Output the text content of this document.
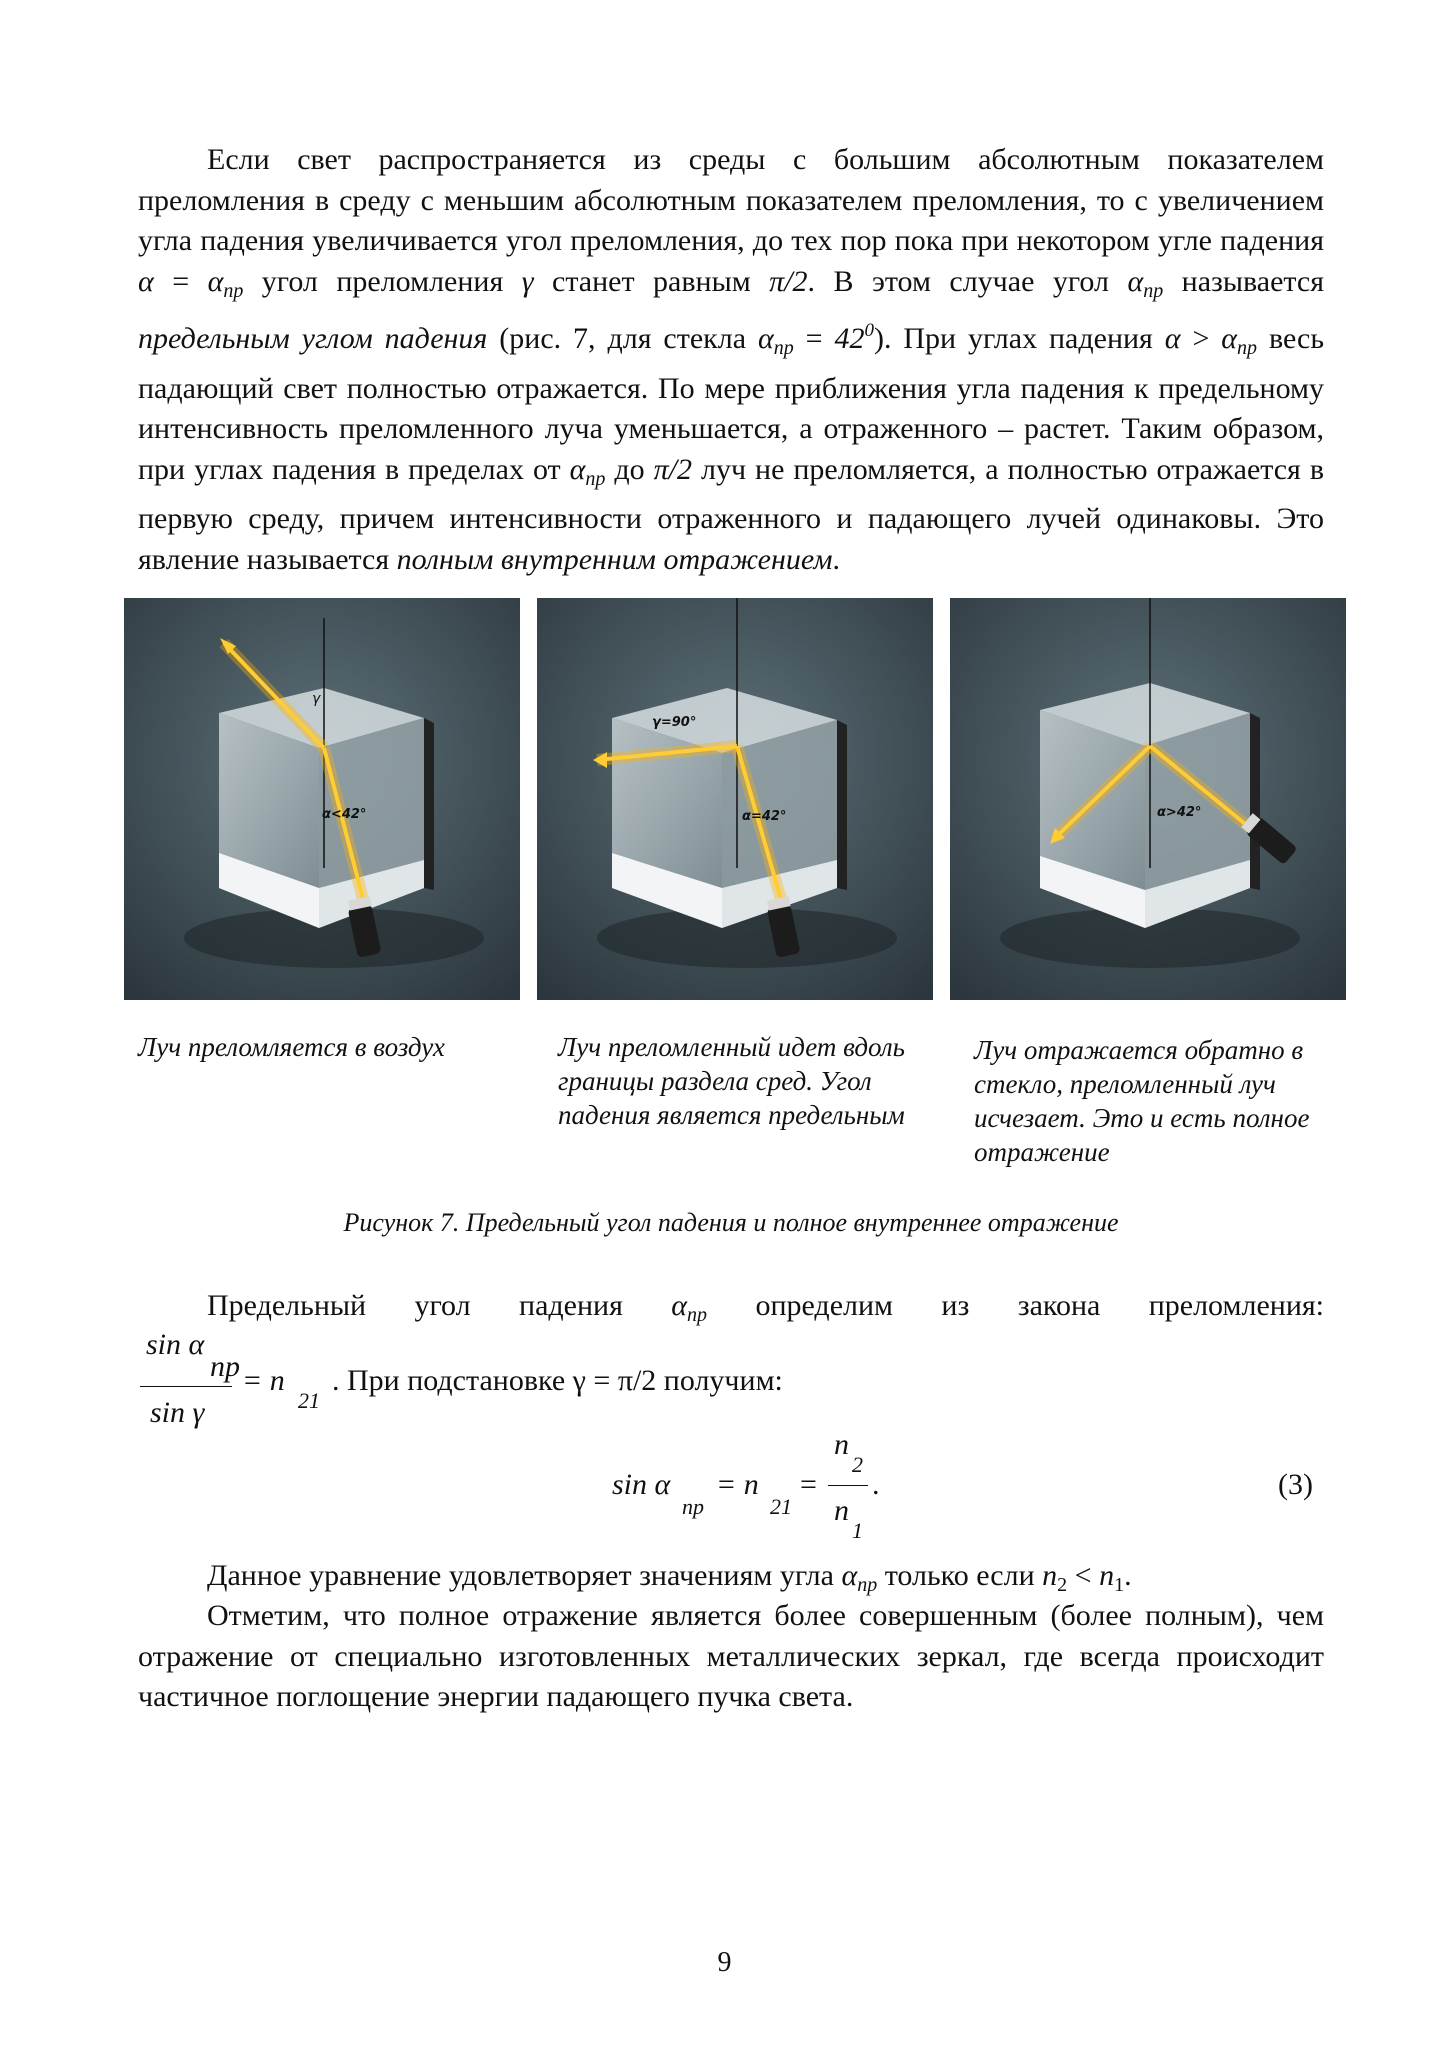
Если свет распространяется из среды с большим абсолютным показателем преломления в среду с меньшим абсолютным показателем преломления, то с увеличением угла падения увеличивается угол преломления, до тех пор пока при некотором угле падения $\alpha = \alpha_{пр}$ угол преломления γ станет равным π/2. В этом случае угол $\alpha_{пр}$ называется предельным углом падения (рис. 7, для стекла $\alpha_{пр} = 42^0$). При углах падения $\alpha > \alpha_{пр}$ весь падающий свет полностью отражается. По мере приближения угла падения к предельному интенсивность преломленного луча уменьшается, а отраженного – растет. Таким образом, при углах падения в пределах от $\alpha_{пр}$ до π/2 луч не преломляется, а полностью отражается в первую среду, причем интенсивности отраженного и падающего лучей одинаковы. Это явление называется полным внутренним отражением.

γ
α<42°
γ=90°
α=42°	α>42°

Луч преломляется в воздух	Луч преломленный идет вдоль границы раздела сред. Угол падения является предельным

Луч отражается обратно в стекло, преломленный луч исчезает. Это и есть полное отражение

Рисунок 7. Предельный угол падения и полное внутреннее отражение

Предельный угол падения $\alpha_{пр}$ определим из закона преломления:

sin α
пр
sin γ
= n
21
. При подстановке γ = π/2 получим:
sin α
пр
= n
21
=
n
2
n
1
.	(3)

Данное уравнение удовлетворяет значениям угла $\alpha_{пр}$ только если $n_2 < n_1$.

Отметим, что полное отражение является более совершенным (более полным), чем отражение от специально изготовленных металлических зеркал, где всегда происходит частичное поглощение энергии падающего пучка света.

9
